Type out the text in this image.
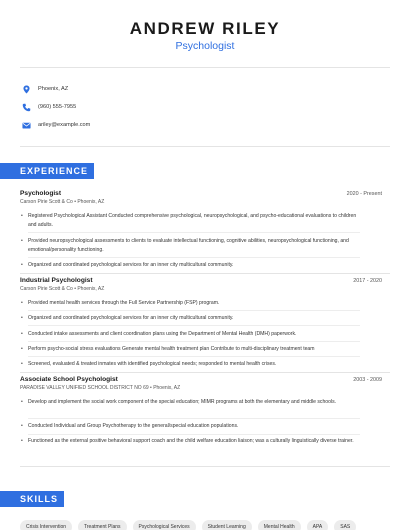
ANDREW RILEY
Psychologist
Phoenix, AZ
(960) 555-7955
ariley@example.com
EXPERIENCE
Psychologist	2020 - Present
Carson Pirie Scott & Co • Phoenix, AZ
• Registered Psychological Assistant Conducted comprehensive psychological, neuropsychological, and psycho-educational evaluations to children and adults.
• Provided neuropsychological assessments to clients to evaluate intellectual functioning, cognitive abilities, neuropsychological functioning, and emotional/personality functioning.
• Organized and coordinated psychological services for an inner city multicultural community.
Industrial Psychologist	2017 - 2020
Carson Pirie Scott & Co • Phoenix, AZ
• Provided mental health services through the Full Service Partnership (FSP) program.
• Organized and coordinated psychological services for an inner city multicultural community.
• Conducted intake assessments and client coordination plans using the Department of Mental Health (DMH) paperwork.
• Perform psycho-social stress evaluations Generate mental health treatment plan Contribute to multi-disciplinary treatment team
• Screened, evaluated & treated inmates with identified psychological needs; responded to mental health crises.
Associate School Psychologist	2003 - 2009
PARADISE VALLEY UNIFIED SCHOOL DISTRICT NO 69 • Phoenix, AZ
• Develop and implement the social work component of the special education; MIMR programs at both the elementary and middle schools.
• Conducted Individual and Group Psychotherapy to the general/special education populations.
• Functioned as the external positive behavioral support coach and the child welfare education liaison; was a culturally linguistically diverse trainer.
SKILLS
Crisis Intervention	Treatment Plans	Psychological Services	Student Learning	Mental Health	APA	SAS
